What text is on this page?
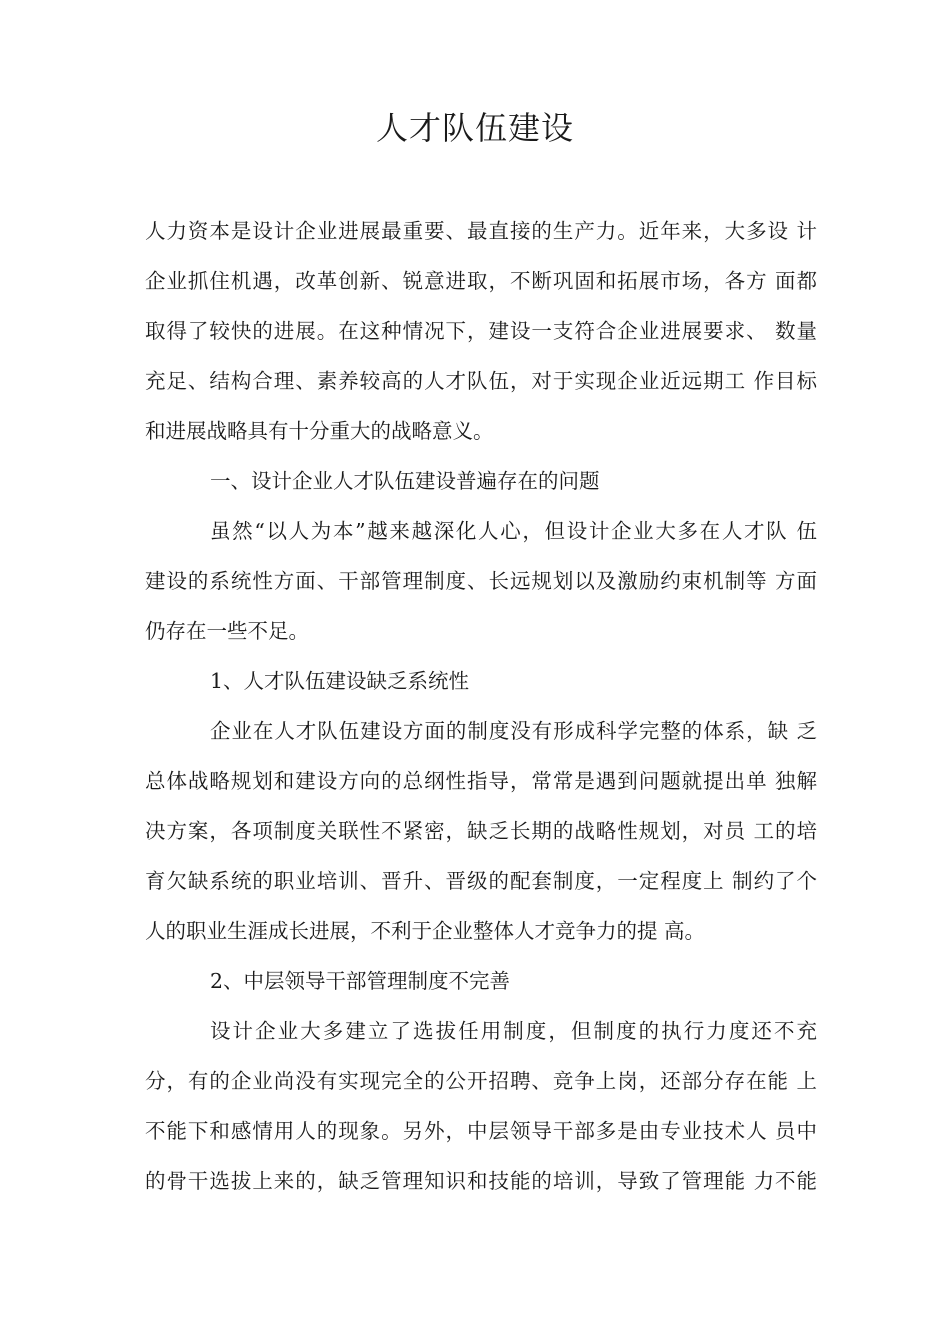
人才队伍建设
人力资本是设计企业进展最重要、最直接的生产力。近年来，大多设 计
企业抓住机遇，改革创新、锐意进取，不断巩固和拓展市场，各方 面都
取得了较快的进展。在这种情况下，建设一支符合企业进展要求、 数量
充足、结构合理、素养较高的人才队伍，对于实现企业近远期工 作目标
和进展战略具有十分重大的战略意义。
一、设计企业人才队伍建设普遍存在的问题
虽然“以人为本”越来越深化人心，但设计企业大多在人才队 伍
建设的系统性方面、干部管理制度、长远规划以及激励约束机制等 方面
仍存在一些不足。
1、人才队伍建设缺乏系统性
企业在人才队伍建设方面的制度没有形成科学完整的体系，缺 乏
总体战略规划和建设方向的总纲性指导，常常是遇到问题就提出单 独解
决方案，各项制度关联性不紧密，缺乏长期的战略性规划，对员 工的培
育欠缺系统的职业培训、晋升、晋级的配套制度，一定程度上 制约了个
人的职业生涯成长进展，不利于企业整体人才竞争力的提 高。
2、中层领导干部管理制度不完善
设计企业大多建立了选拔任用制度，但制度的执行力度还不充
分，有的企业尚没有实现完全的公开招聘、竞争上岗，还部分存在能 上
不能下和感情用人的现象。另外，中层领导干部多是由专业技术人 员中
的骨干选拔上来的，缺乏管理知识和技能的培训，导致了管理能 力不能
